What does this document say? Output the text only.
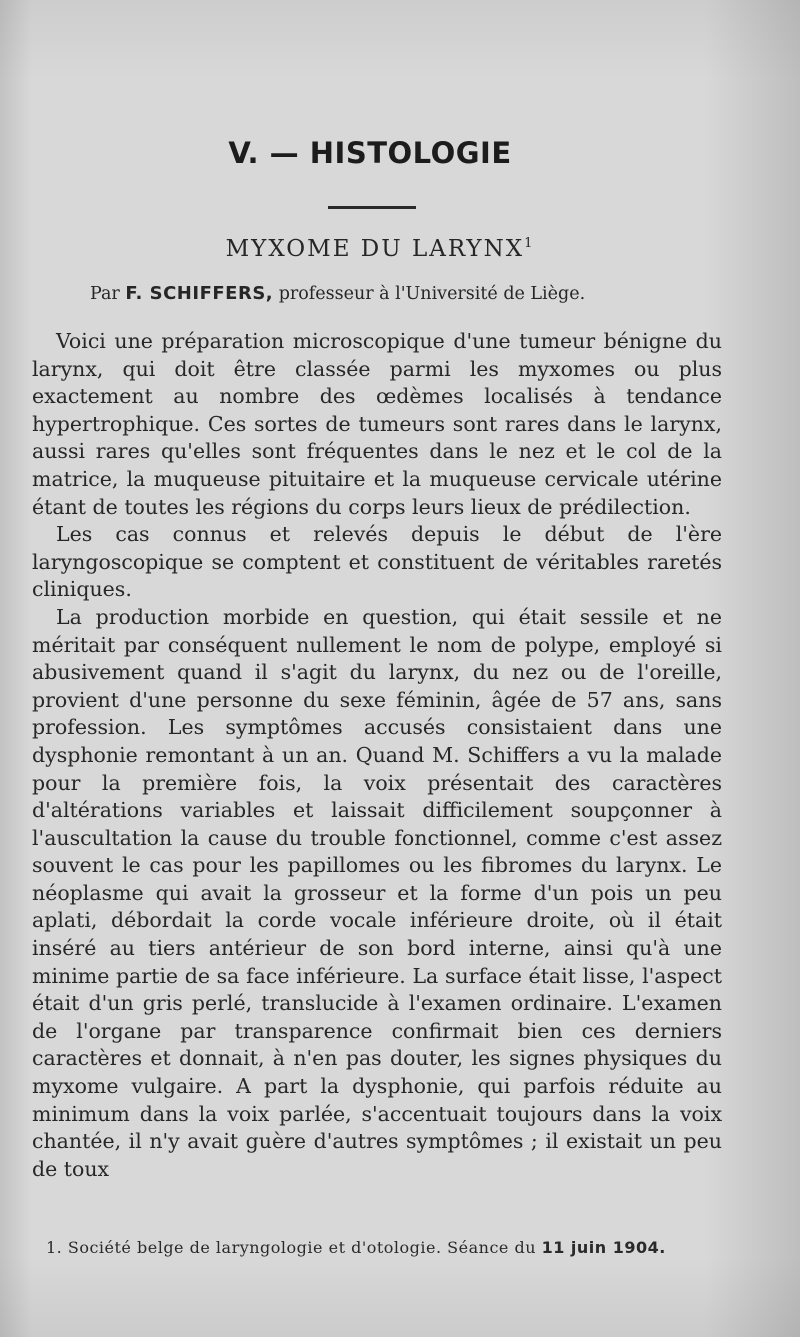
V. — HISTOLOGIE
MYXOME DU LARYNX$^1$
Par F. SCHIFFERS, professeur à l'Université de Liège.

Voici une préparation microscopique d'une tumeur bénigne du larynx, qui doit être classée parmi les myxomes ou plus exactement au nombre des œdèmes localisés à tendance hypertrophique. Ces sortes de tumeurs sont rares dans le larynx, aussi rares qu'elles sont fréquentes dans le nez et le col de la matrice, la muqueuse pituitaire et la muqueuse cervicale utérine étant de toutes les régions du corps leurs lieux de prédilection.

Les cas connus et relevés depuis le début de l'ère laryngoscopique se comptent et constituent de véritables raretés cliniques.

La production morbide en question, qui était sessile et ne méritait par conséquent nullement le nom de polype, employé si abusivement quand il s'agit du larynx, du nez ou de l'oreille, provient d'une personne du sexe féminin, âgée de 57 ans, sans profession. Les symptômes accusés consistaient dans une dysphonie remontant à un an. Quand M. Schiffers a vu la malade pour la première fois, la voix présentait des caractères d'altérations variables et laissait difficilement soupçonner à l'auscultation la cause du trouble fonctionnel, comme c'est assez souvent le cas pour les papillomes ou les fibromes du larynx. Le néoplasme qui avait la grosseur et la forme d'un pois un peu aplati, débordait la corde vocale inférieure droite, où il était inséré au tiers antérieur de son bord interne, ainsi qu'à une minime partie de sa face inférieure. La surface était lisse, l'aspect était d'un gris perlé, translucide à l'examen ordinaire. L'examen de l'organe par transparence confirmait bien ces derniers caractères et donnait, à n'en pas douter, les signes physiques du myxome vulgaire. A part la dysphonie, qui parfois réduite au minimum dans la voix parlée, s'accentuait toujours dans la voix chantée, il n'y avait guère d'autres symptômes ; il existait un peu de toux

1. Société belge de laryngologie et d'otologie. Séance du 11 juin 1904.
